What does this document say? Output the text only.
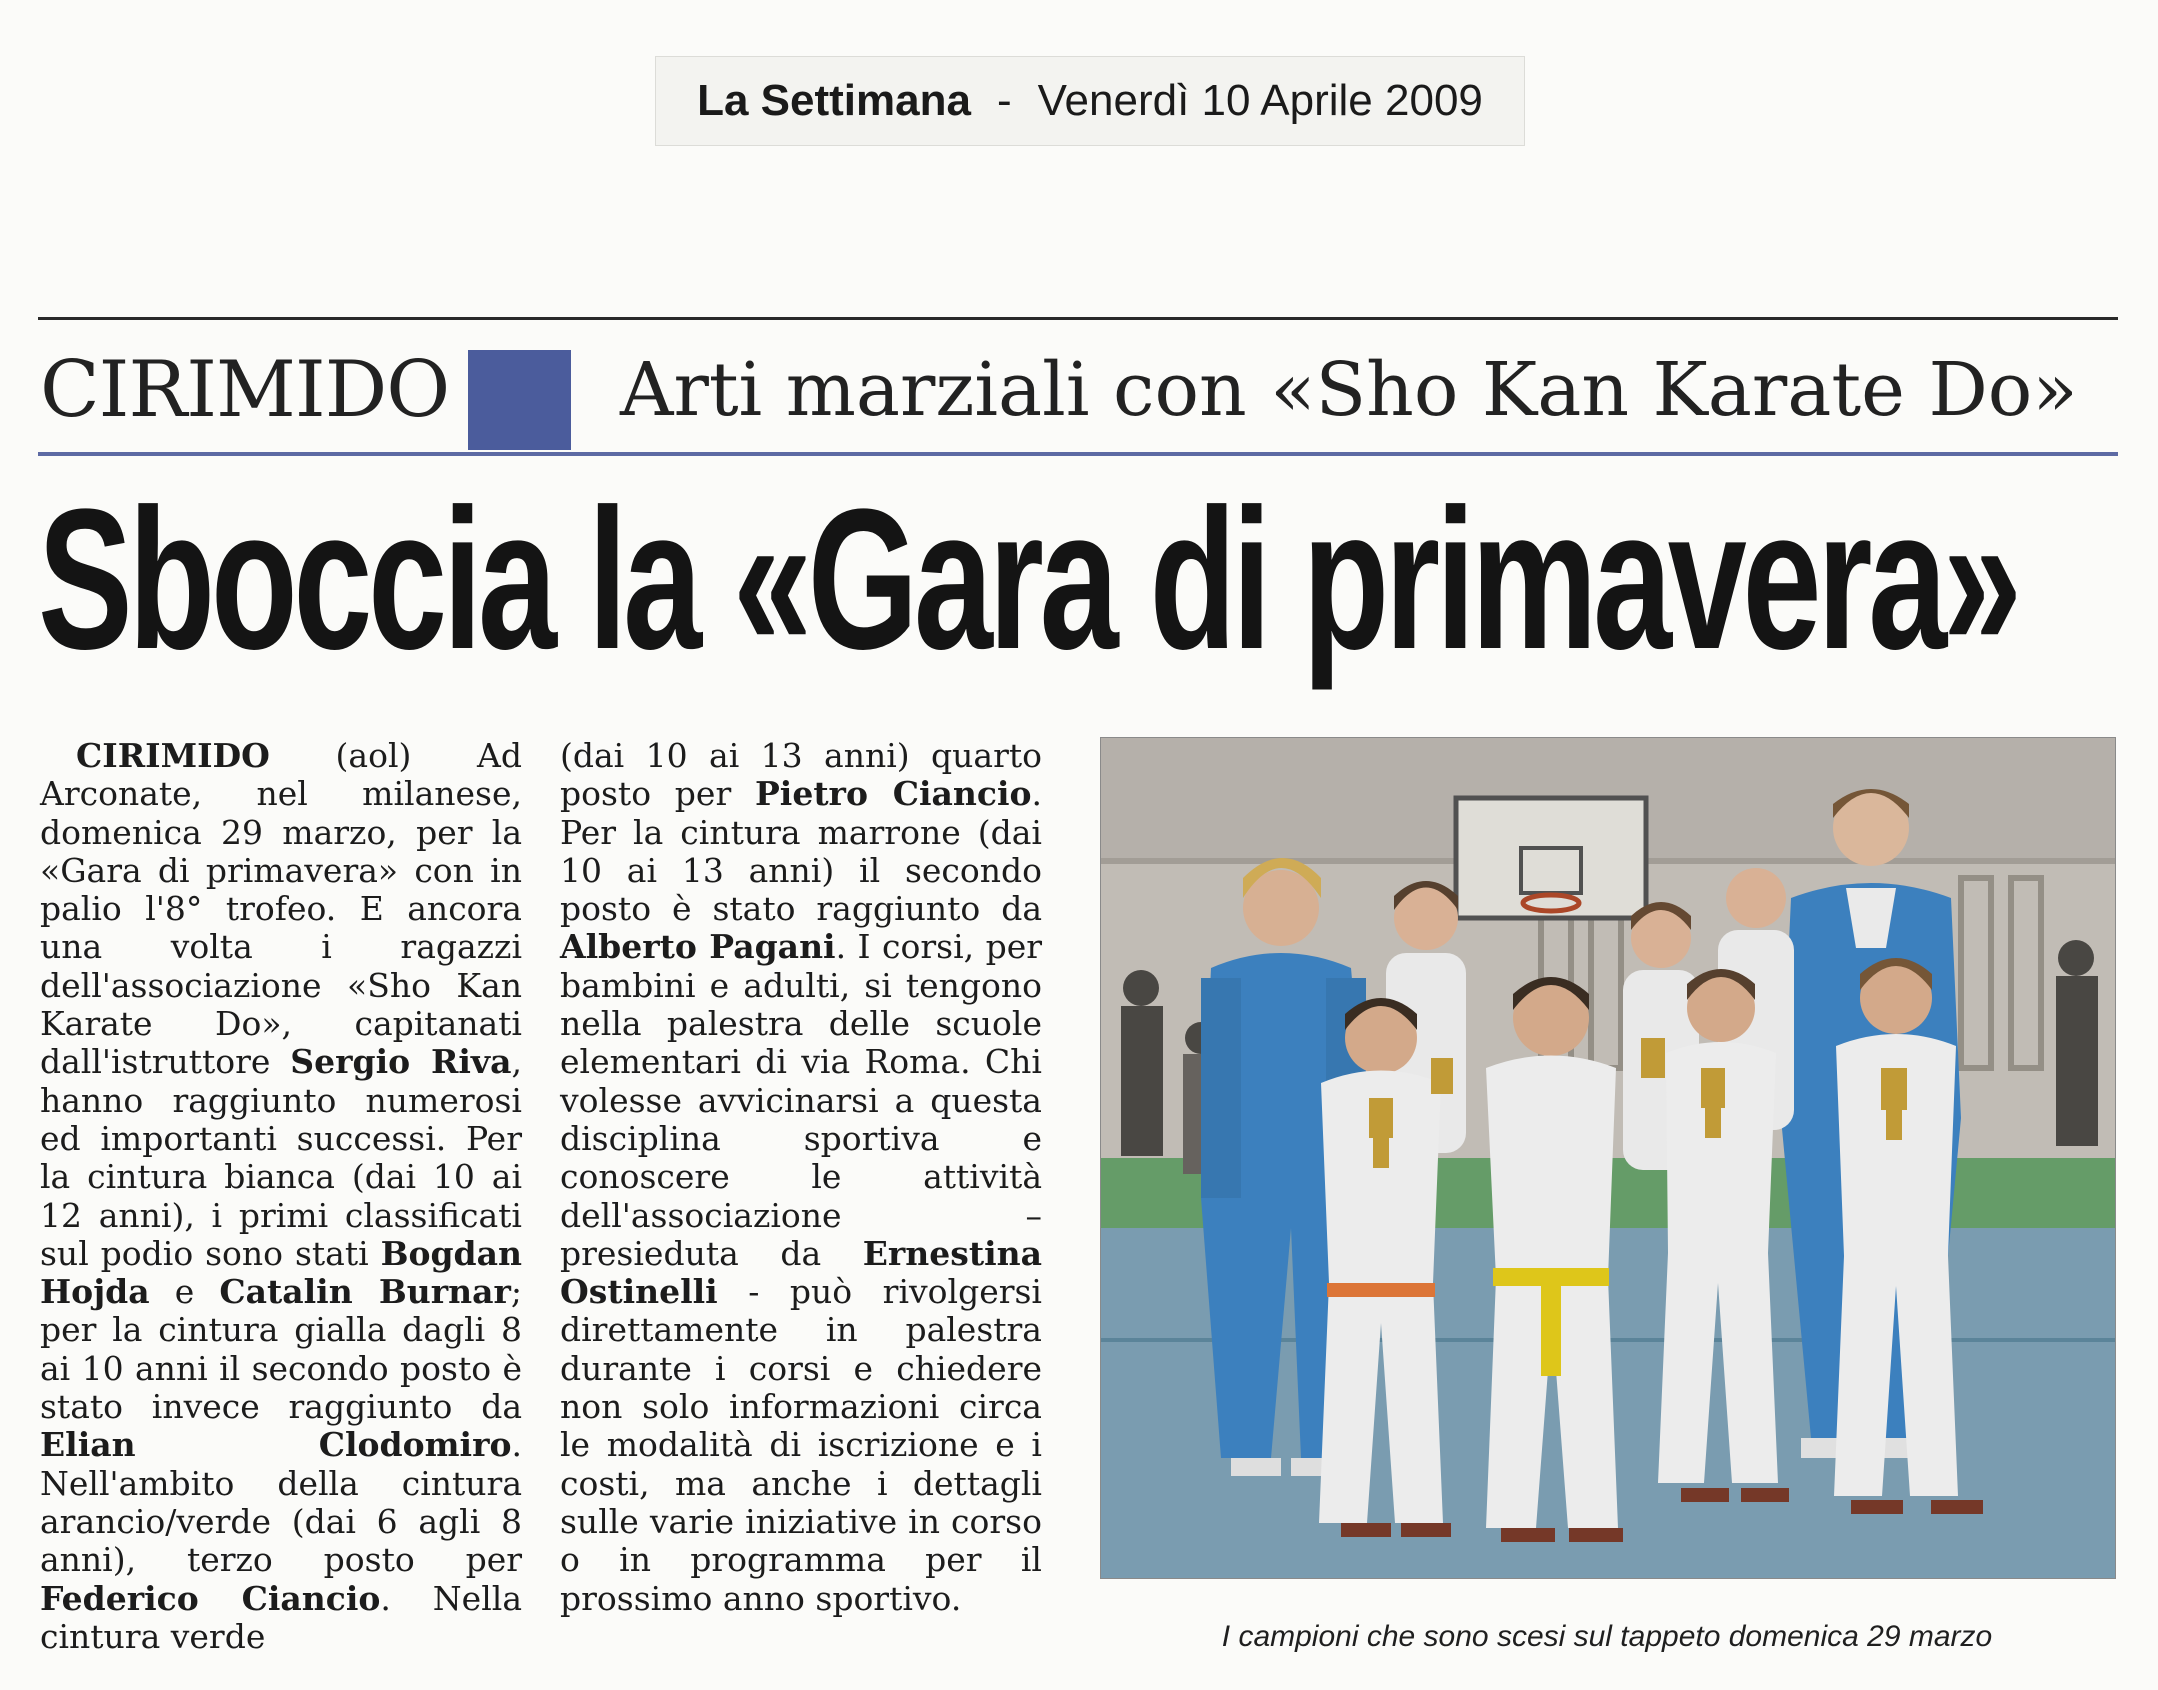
La Settimana - Venerdì 10 Aprile 2009
CIRIMIDO Arti marziali con «Sho Kan Karate Do»
Sboccia la «Gara di primavera»
CIRIMIDO (aol) Ad Arconate, nel milanese, domenica 29 marzo, per la «Gara di primavera» con in palio l'8° trofeo. E ancora una volta i ragazzi dell'associazione «Sho Kan Karate Do», capitanati dall'istruttore Sergio Riva, hanno raggiunto numerosi ed importanti successi. Per la cintura bianca (dai 10 ai 12 anni), i primi classificati sul podio sono stati Bogdan Hojda e Catalin Burnar; per la cintura gialla dagli 8 ai 10 anni il secondo posto è stato invece raggiunto da Elian Clodomiro. Nell'ambito della cintura arancio/verde (dai 6 agli 8 anni), terzo posto per Federico Ciancio. Nella cintura verde
(dai 10 ai 13 anni) quarto posto per Pietro Ciancio. Per la cintura marrone (dai 10 ai 13 anni) il secondo posto è stato raggiunto da Alberto Pagani. I corsi, per bambini e adulti, si tengono nella palestra delle scuole elementari di via Roma. Chi volesse avvicinarsi a questa disciplina sportiva e conoscere le attività dell'associazione – presieduta da Ernestina Ostinelli - può rivolgersi direttamente in palestra durante i corsi e chiedere non solo informazioni circa le modalità di iscrizione e i costi, ma anche i dettagli sulle varie iniziative in corso o in programma per il prossimo anno sportivo.
I campioni che sono scesi sul tappeto domenica 29 marzo
